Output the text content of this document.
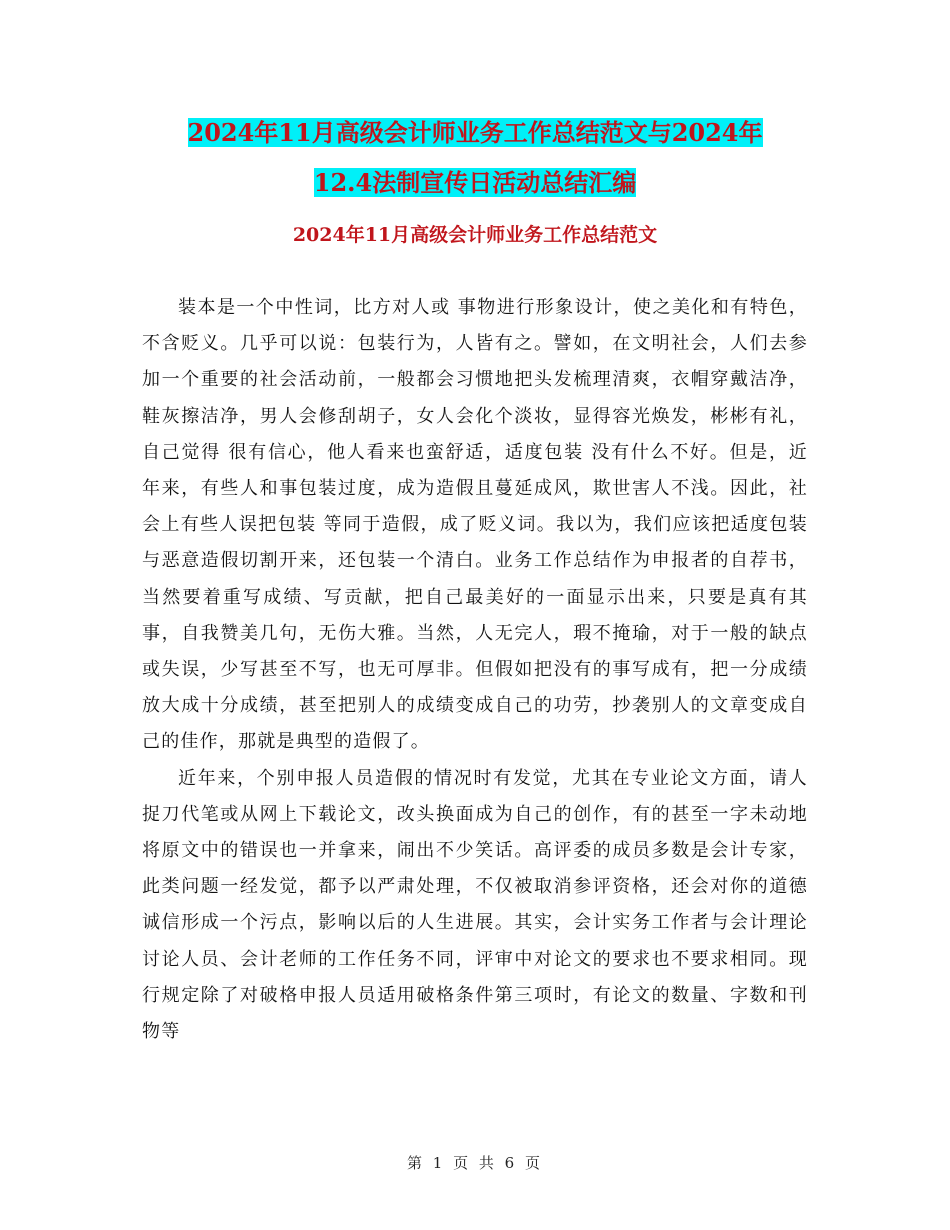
2024年11月高级会计师业务工作总结范文与2024年
12.4法制宣传日活动总结汇编
2024年11月高级会计师业务工作总结范文

装本是一个中性词，比方对人或 事物进行形象设计，使之美化和有特色， 不含贬义。几乎可以说：包装行为，人皆有之。譬如，在文明社会，人们去参加一个重要的社会活动前，一般都会习惯地把头发梳理清爽，衣帽穿戴洁净，鞋灰擦洁净，男人会修刮胡子，女人会化个淡妆，显得容光焕发，彬彬有礼，自己觉得 很有信心，他人看来也蛮舒适，适度包装 没有什么不好。但是，近年来，有些人和事包装过度，成为造假且蔓延成风，欺世害人不浅。因此，社会上有些人误把包装 等同于造假，成了贬义词。我以为，我们应该把适度包装与恶意造假切割开来，还包装一个清白。业务工作总结作为申报者的自荐书，当然要着重写成绩、写贡献，把自己最美好的一面显示出来，只要是真有其事，自我赞美几句，无伤大雅。当然，人无完人，瑕不掩瑜，对于一般的缺点或失误，少写甚至不写，也无可厚非。但假如把没有的事写成有，把一分成绩放大成十分成绩，甚至把别人的成绩变成自己的功劳，抄袭别人的文章变成自己的佳作，那就是典型的造假了。

近年来，个别申报人员造假的情况时有发觉，尤其在专业论文方面，请人捉刀代笔或从网上下载论文，改头换面成为自己的创作，有的甚至一字未动地将原文中的错误也一并拿来，闹出不少笑话。高评委的成员多数是会计专家，此类问题一经发觉，都予以严肃处理，不仅被取消参评资格，还会对你的道德诚信形成一个污点，影响以后的人生进展。其实，会计实务工作者与会计理论讨论人员、会计老师的工作任务不同，评审中对论文的要求也不要求相同。现行规定除了对破格申报人员适用破格条件第三项时，有论文的数量、字数和刊物等

第 1 页 共 6 页
